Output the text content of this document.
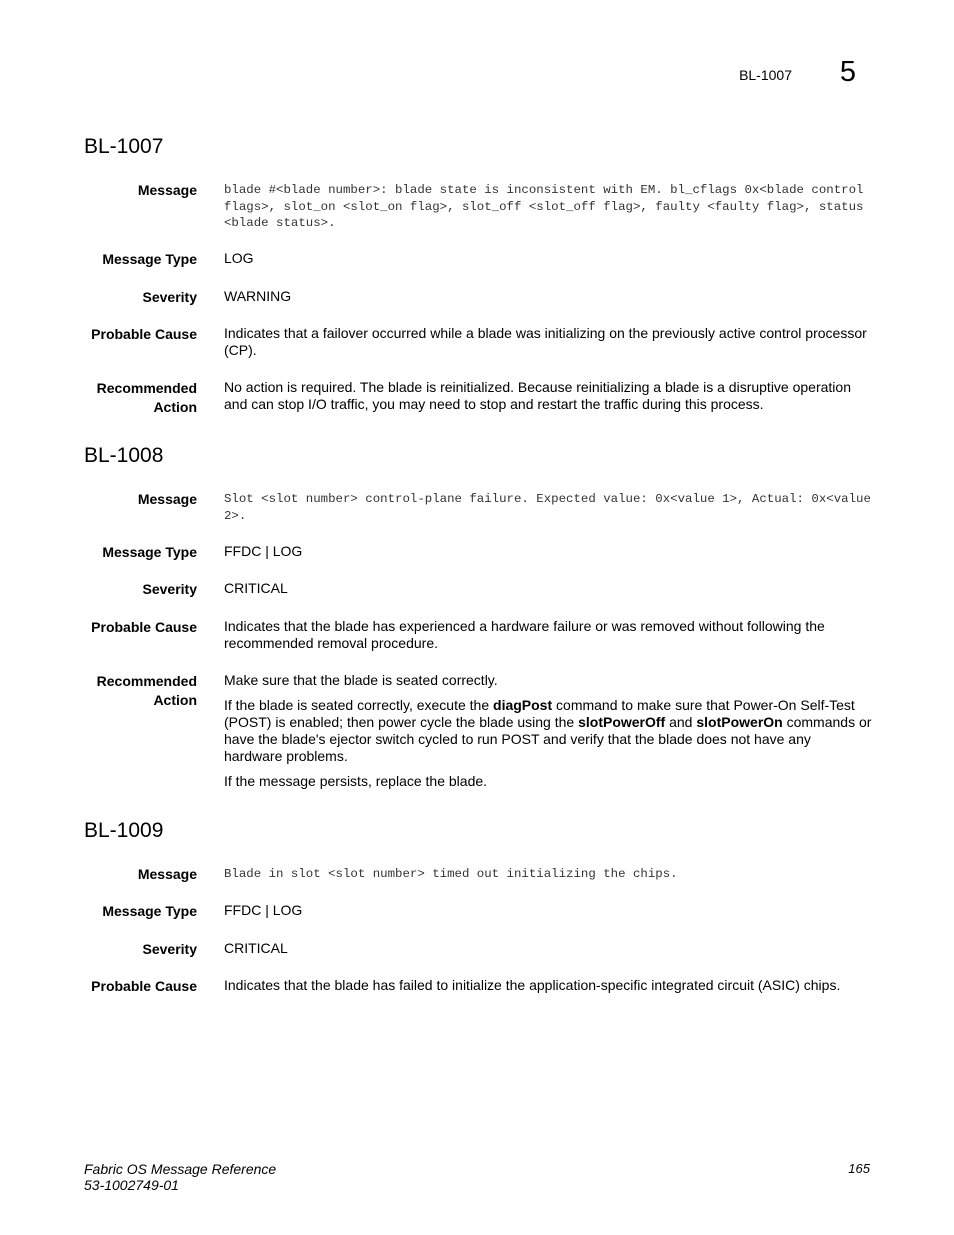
BL-1007 5
BL-1007
Message blade #<blade number>: blade state is inconsistent with EM. bl_cflags 0x<blade control flags>, slot_on <slot_on flag>, slot_off <slot_off flag>, faulty <faulty flag>, status <blade status>.
Message Type LOG
Severity WARNING
Probable Cause Indicates that a failover occurred while a blade was initializing on the previously active control processor (CP).
Recommended
Action

No action is required. The blade is reinitialized. Because reinitializing a blade is a disruptive operation and can stop I/O traffic, you may need to stop and restart the traffic during this process.

BL-1008
Message Slot <slot number> control-plane failure. Expected value: 0x<value 1>, Actual: 0x<value 2>.
Message Type FFDC | LOG
Severity CRITICAL
Probable Cause Indicates that the blade has experienced a hardware failure or was removed without following the recommended removal procedure.
Recommended
Action

Make sure that the blade is seated correctly.

If the blade is seated correctly, execute the diagPost command to make sure that Power-On Self-Test (POST) is enabled; then power cycle the blade using the slotPowerOff and slotPowerOn commands or have the blade's ejector switch cycled to run POST and verify that the blade does not have any hardware problems.

If the message persists, replace the blade.

BL-1009
Message Blade in slot <slot number> timed out initializing the chips.
Message Type FFDC | LOG
Severity CRITICAL
Probable Cause Indicates that the blade has failed to initialize the application-specific integrated circuit (ASIC) chips.
Fabric OS Message Reference
53-1002749-01
165
